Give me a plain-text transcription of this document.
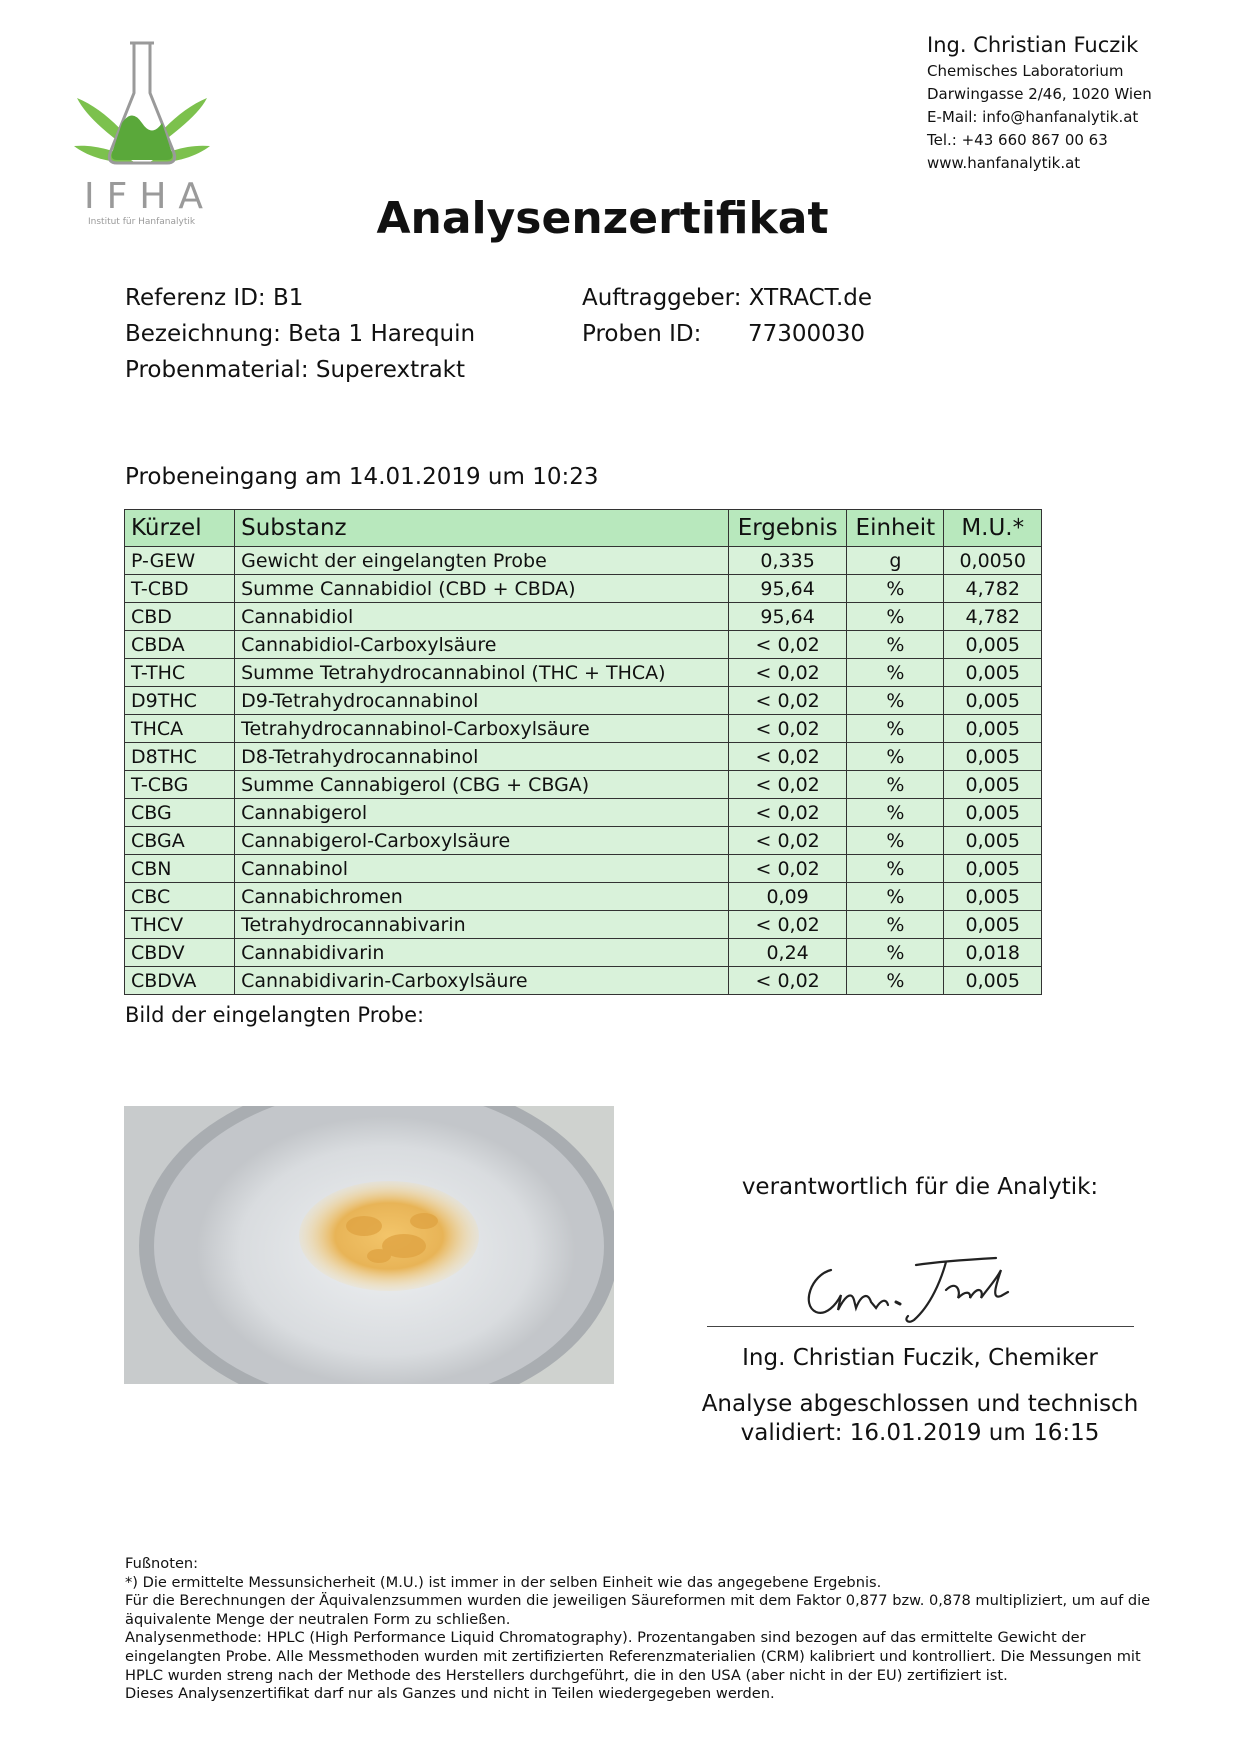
IFHA
Institut für Hanfanalytik
Ing. Christian Fuczik
Chemisches Laboratorium
Darwingasse 2/46, 1020 Wien
E-Mail: info@hanfanalytik.at
Tel.: +43 660 867 00 63
www.hanfanalytik.at
Analysenzertifikat
Referenz ID: B1
Bezeichnung: Beta 1 Harequin
Probenmaterial: Superextrakt
Auftraggeber: XTRACT.de
Proben ID: 77300030
Probeneingang am 14.01.2019 um 10:23
Kürzel	Substanz	Ergebnis	Einheit	M.U.*
P-GEW	Gewicht der eingelangten Probe	0,335	g	0,0050
T-CBD	Summe Cannabidiol (CBD + CBDA)	95,64	%	4,782
CBD	Cannabidiol	95,64	%	4,782
CBDA	Cannabidiol-Carboxylsäure	< 0,02	%	0,005
T-THC	Summe Tetrahydrocannabinol (THC + THCA)	< 0,02	%	0,005
D9THC	D9-Tetrahydrocannabinol	< 0,02	%	0,005
THCA	Tetrahydrocannabinol-Carboxylsäure	< 0,02	%	0,005
D8THC	D8-Tetrahydrocannabinol	< 0,02	%	0,005
T-CBG	Summe Cannabigerol (CBG + CBGA)	< 0,02	%	0,005
CBG	Cannabigerol	< 0,02	%	0,005
CBGA	Cannabigerol-Carboxylsäure	< 0,02	%	0,005
CBN	Cannabinol	< 0,02	%	0,005
CBC	Cannabichromen	0,09	%	0,005
THCV	Tetrahydrocannabivarin	< 0,02	%	0,005
CBDV	Cannabidivarin	0,24	%	0,018
CBDVA	Cannabidivarin-Carboxylsäure	< 0,02	%	0,005
Bild der eingelangten Probe:
verantwortlich für die Analytik:
Ing. Christian Fuczik, Chemiker
Analyse abgeschlossen und technisch
validiert: 16.01.2019 um 16:15

Fußnoten:

*) Die ermittelte Messunsicherheit (M.U.) ist immer in der selben Einheit wie das angegebene Ergebnis.

Für die Berechnungen der Äquivalenzsummen wurden die jeweiligen Säureformen mit dem Faktor 0,877 bzw. 0,878 multipliziert, um auf die äquivalente Menge der neutralen Form zu schließen.

Analysenmethode: HPLC (High Performance Liquid Chromatography). Prozentangaben sind bezogen auf das ermittelte Gewicht der eingelangten Probe. Alle Messmethoden wurden mit zertifizierten Referenzmaterialien (CRM) kalibriert und kontrolliert. Die Messungen mit HPLC wurden streng nach der Methode des Herstellers durchgeführt, die in den USA (aber nicht in der EU) zertifiziert ist.

Dieses Analysenzertifikat darf nur als Ganzes und nicht in Teilen wiedergegeben werden.
